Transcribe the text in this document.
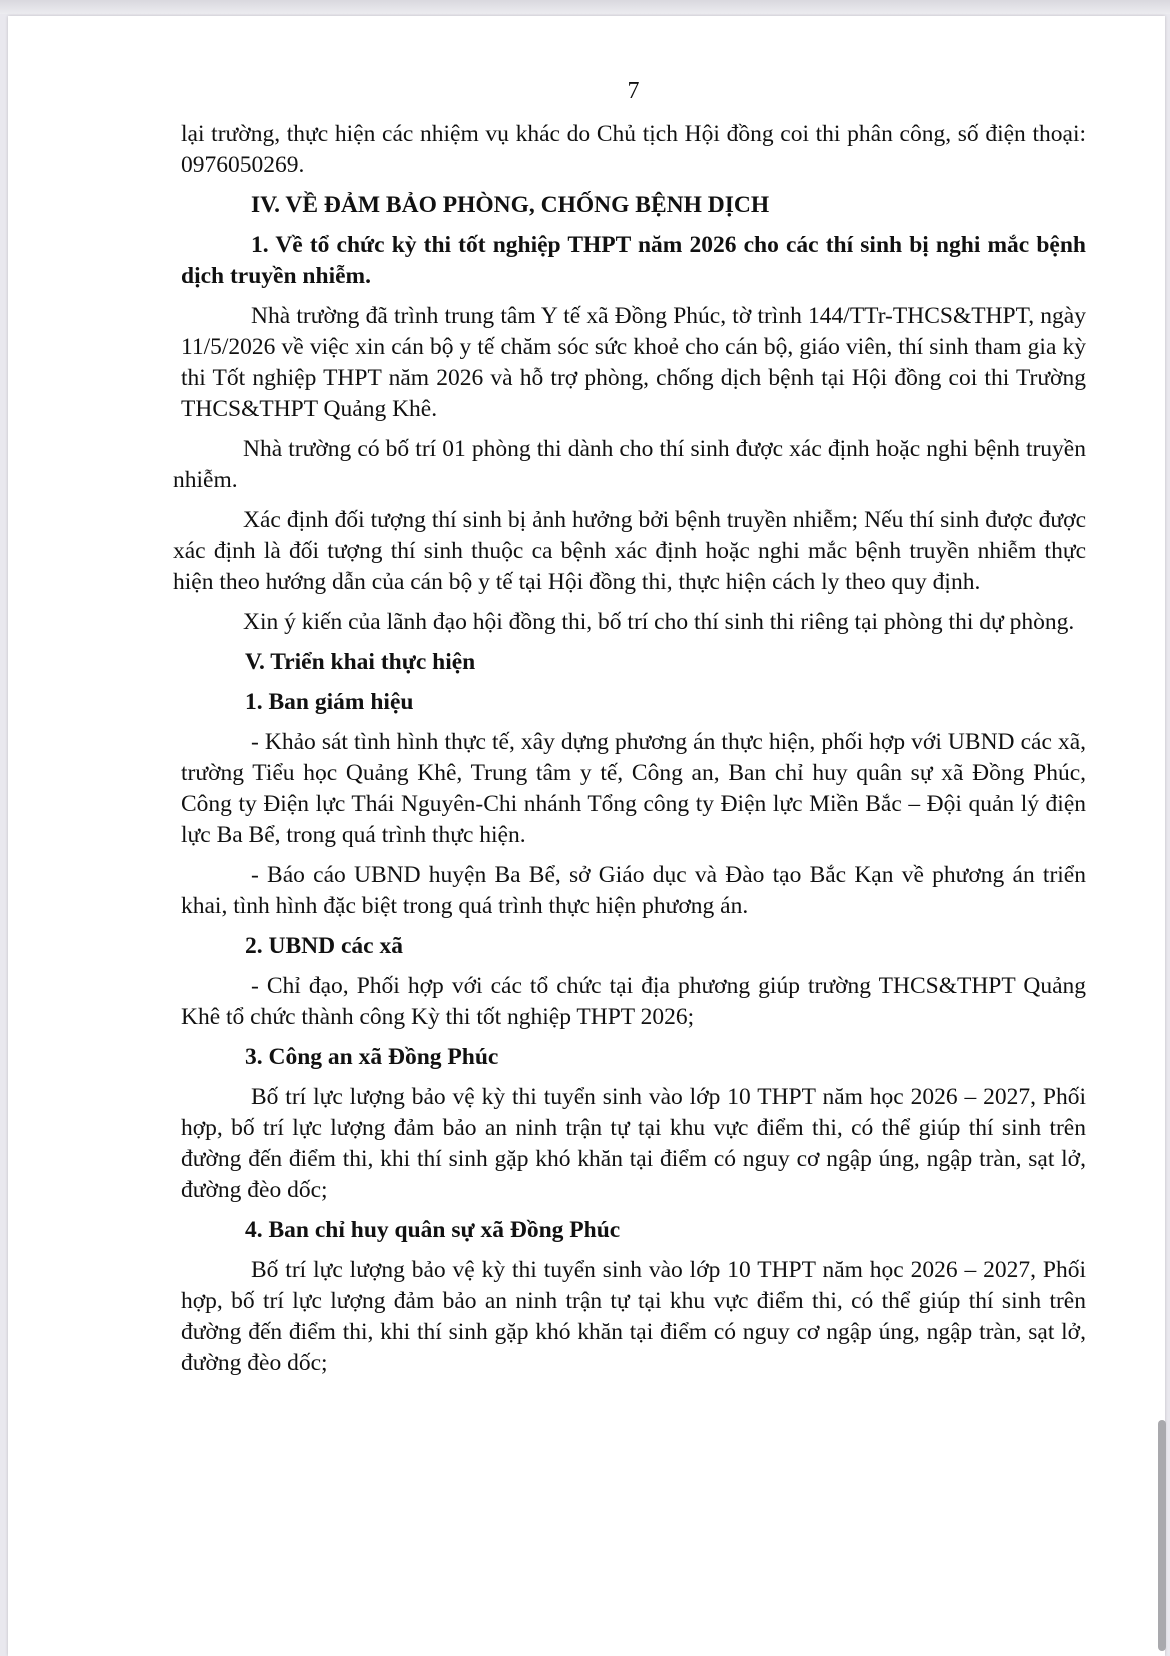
7

lại trường, thực hiện các nhiệm vụ khác do Chủ tịch Hội đồng coi thi phân công, số điện thoại: 0976050269.

IV. VỀ ĐẢM BẢO PHÒNG, CHỐNG BỆNH DỊCH

1. Về tổ chức kỳ thi tốt nghiệp THPT năm 2026 cho các thí sinh bị nghi mắc bệnh dịch truyền nhiễm.

Nhà trường đã trình trung tâm Y tế xã Đồng Phúc, tờ trình 144/TTr-THCS&THPT, ngày 11/5/2026 về việc xin cán bộ y tế chăm sóc sức khoẻ cho cán bộ, giáo viên, thí sinh tham gia kỳ thi Tốt nghiệp THPT năm 2026 và hỗ trợ phòng, chống dịch bệnh tại Hội đồng coi thi Trường THCS&THPT Quảng Khê.

Nhà trường có bố trí 01 phòng thi dành cho thí sinh được xác định hoặc nghi bệnh truyền nhiễm.

Xác định đối tượng thí sinh bị ảnh hưởng bởi bệnh truyền nhiễm; Nếu thí sinh được được xác định là đối tượng thí sinh thuộc ca bệnh xác định hoặc nghi mắc bệnh truyền nhiễm thực hiện theo hướng dẫn của cán bộ y tế tại Hội đồng thi, thực hiện cách ly theo quy định.

Xin ý kiến của lãnh đạo hội đồng thi, bố trí cho thí sinh thi riêng tại phòng thi dự phòng.

V. Triển khai thực hiện

1. Ban giám hiệu

- Khảo sát tình hình thực tế, xây dựng phương án thực hiện, phối hợp với UBND các xã, trường Tiểu học Quảng Khê, Trung tâm y tế, Công an, Ban chỉ huy quân sự xã Đồng Phúc, Công ty Điện lực Thái Nguyên-Chi nhánh Tổng công ty Điện lực Miền Bắc – Đội quản lý điện lực Ba Bể, trong quá trình thực hiện.

- Báo cáo UBND huyện Ba Bể, sở Giáo dục và Đào tạo Bắc Kạn về phương án triển khai, tình hình đặc biệt trong quá trình thực hiện phương án.

2. UBND các xã

- Chỉ đạo, Phối hợp với các tổ chức tại địa phương giúp trường THCS&THPT Quảng Khê tổ chức thành công Kỳ thi tốt nghiệp THPT 2026;

3. Công an xã Đồng Phúc

Bố trí lực lượng bảo vệ kỳ thi tuyển sinh vào lớp 10 THPT năm học 2026 – 2027, Phối hợp, bố trí lực lượng đảm bảo an ninh trận tự tại khu vực điểm thi, có thể giúp thí sinh trên đường đến điểm thi, khi thí sinh gặp khó khăn tại điểm có nguy cơ ngập úng, ngập tràn, sạt lở, đường đèo dốc;

4. Ban chỉ huy quân sự xã Đồng Phúc

Bố trí lực lượng bảo vệ kỳ thi tuyển sinh vào lớp 10 THPT năm học 2026 – 2027, Phối hợp, bố trí lực lượng đảm bảo an ninh trận tự tại khu vực điểm thi, có thể giúp thí sinh trên đường đến điểm thi, khi thí sinh gặp khó khăn tại điểm có nguy cơ ngập úng, ngập tràn, sạt lở, đường đèo dốc;
